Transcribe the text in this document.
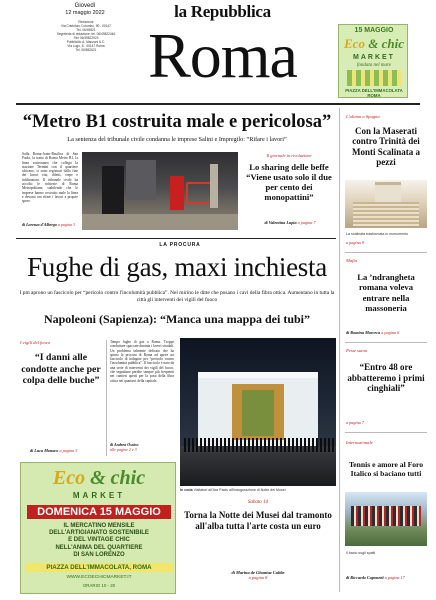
Giovedì
12 maggio 2022
Redazione
Via Cristoforo Colombo, 90 - 00147
Tel. 06/49821
Segreteria di redazione: tel. 06/49822446
Fax 06/49822923
Pubblicità: A. Manzoni & C.
Via Lugo, 8 - 00147 Roma
Tel. 06/852621
la Repubblica
Roma	15 MAGGIO
Eco & chic
MARKET
fondata nel mare
PIAZZA DELL'IMMACOLATA ROMA
“Metro B1 costruita male e pericolosa”
La sentenza del tribunale civile condanna le imprese Salini e Impregilo: “Rifare i lavori”
Sulla Roma-Jonio-Basilica di San Paolo, la tratta di Roma Metro B1, la linea sotterranea che collega la stazione Termini con il quartiere africano, si sono registrati dalla fine dei lavori vizi, difetti, crepe e infiltrazioni. Il tribunale civile ha accolto le richieste di Roma Metropolitane, stabilendo che le imprese hanno costruito male la linea e devono ora rifare i lavori a proprie spese.
di Lorenzo d'Albergo a pagina 3
Il giornale in rivoluzione
Lo sharing delle beffe “Viene usato solo il due per cento dei monopattini”
di Valentina Lupia a pagina 7
L'ultima a Spagna
Con la Maserati contro Trinità dei Monti Scalinata a pezzi
La scalinata trasformata in monumento
a pagina 9
Mafia
La ’ndrangheta romana voleva entrare nella massoneria
di Romina Marceca a pagina 6
Peste suina
“Entro 48 ore abbatteremo i primi cinghiali”
a pagina 7
Internazionale
Tennis e amore al Foro Italico si baciano tutti
Il bacio sugli spalti
di Riccardo Caponetti a pagina 17
LA PROCURA
Fughe di gas, maxi inchiesta
I pm aprono un fascicolo per “pericolo contro l'incolumità pubblica”. Nel mirino le ditte che posano i cavi della fibra ottica. Aumentano in tutta la città gli interventi dei vigili del fuoco
Napoleoni (Sapienza): “Manca una mappa dei tubi”
I vigili del fuoco
“I danni alle condotte anche per colpa delle buche”
di Luca Monaco a pagina 3
Tempo fughe di gas a Roma. Troppe condutture spaccate durante i lavori stradali. Un problema talmente delicato che ha spinto la procura di Roma ad aprire un fascicolo di indagine per “pericolo contro l'incolumità pubblica”. Il fascicolo è nato da una serie di interventi dei vigili del fuoco, che segnalano perdite sempre più frequenti nei cantieri aperti per la posa della fibra ottica nei quartieri della capitale.
di Andrea Ossino
alle pagine 2 e 3
In coda Visitatori all'Ara Pacis all'inaugurazione di Notte dei Musei
Sabato 14
Torna la Notte dei Musei dal tramonto all'alba tutta l'arte costa un euro
di Marina de Ghantuz Cubbe
a pagina 8
Eco & chic
MARKET
DOMENICA 15 MAGGIO
IL MERCATINO MENSILE
DELL'ARTIGIANATO SOSTENIBILE
E DEL VINTAGE CHIC
NELL'ANIMA DEL QUARTIERE
DI SAN LORENZO
PIAZZA DELL'IMMACOLATA, ROMA
WWW.ECOECHICMARKET.IT
ORARIO 10 - 20
